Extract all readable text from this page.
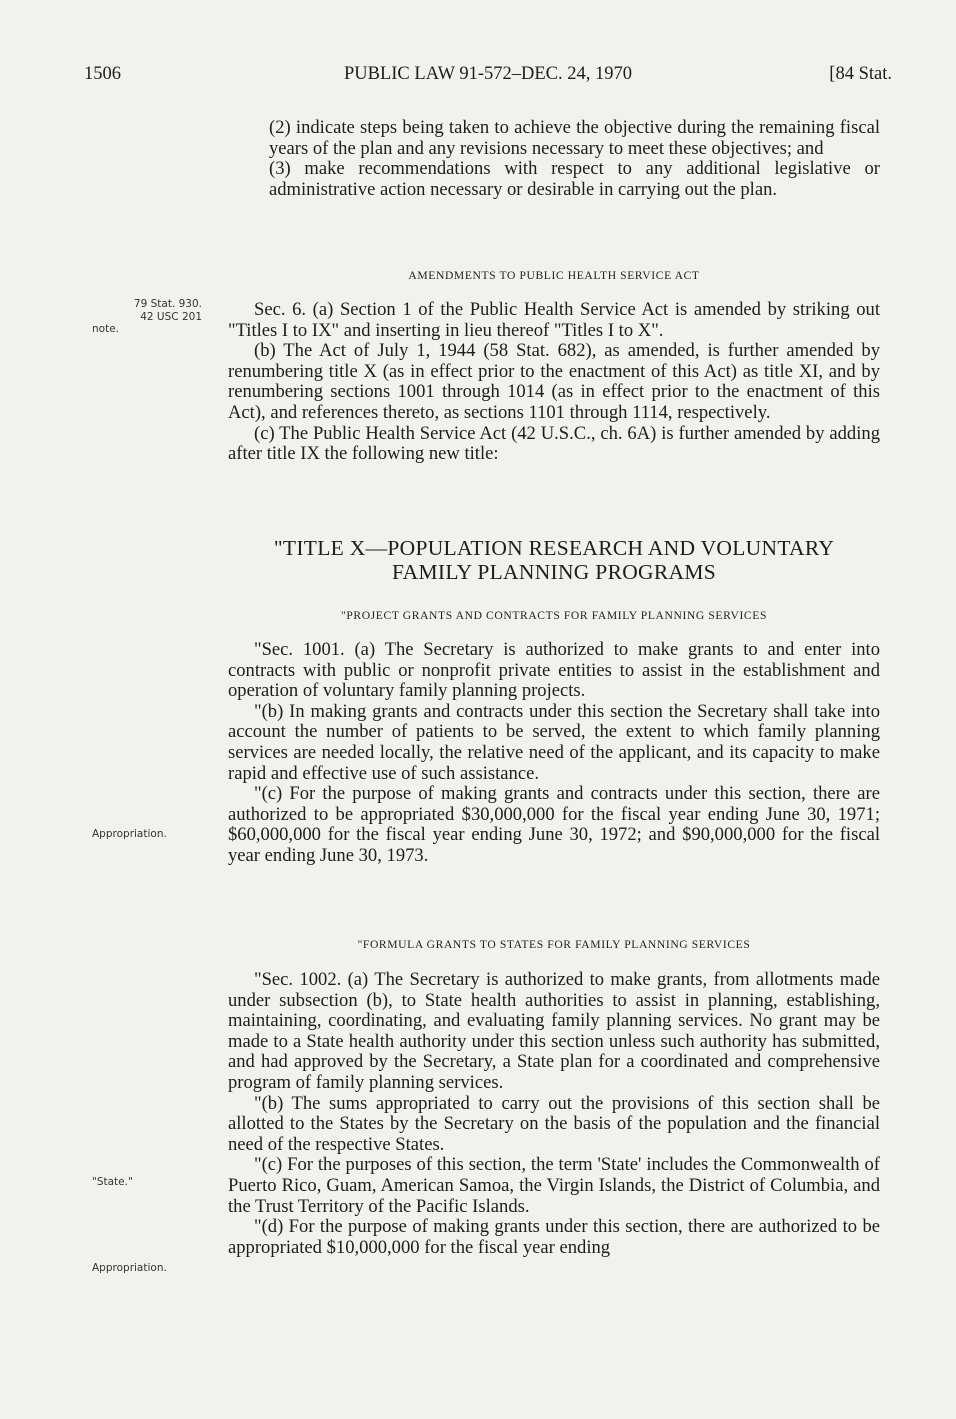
1506	PUBLIC LAW 91-572–DEC. 24, 1970	[84 Stat.
79 Stat. 930.
42 USC 201
note.
Appropriation.
"State."
Appropriation.

(2) indicate steps being taken to achieve the objective during the remaining fiscal years of the plan and any revisions necessary to meet these objectives; and

(3) make recommendations with respect to any additional legislative or administrative action necessary or desirable in carrying out the plan.

AMENDMENTS TO PUBLIC HEALTH SERVICE ACT

Sec. 6. (a) Section 1 of the Public Health Service Act is amended by striking out "Titles I to IX" and inserting in lieu thereof "Titles I to X".

(b) The Act of July 1, 1944 (58 Stat. 682), as amended, is further amended by renumbering title X (as in effect prior to the enactment of this Act) as title XI, and by renumbering sections 1001 through 1014 (as in effect prior to the enactment of this Act), and references thereto, as sections 1101 through 1114, respectively.

(c) The Public Health Service Act (42 U.S.C., ch. 6A) is further amended by adding after title IX the following new title:

"TITLE X—POPULATION RESEARCH AND VOLUNTARY

FAMILY PLANNING PROGRAMS

"PROJECT GRANTS AND CONTRACTS FOR FAMILY PLANNING SERVICES

"Sec. 1001. (a) The Secretary is authorized to make grants to and enter into contracts with public or nonprofit private entities to assist in the establishment and operation of voluntary family planning projects.

"(b) In making grants and contracts under this section the Secretary shall take into account the number of patients to be served, the extent to which family planning services are needed locally, the relative need of the applicant, and its capacity to make rapid and effective use of such assistance.

"(c) For the purpose of making grants and contracts under this section, there are authorized to be appropriated $30,000,000 for the fiscal year ending June 30, 1971; $60,000,000 for the fiscal year ending June 30, 1972; and $90,000,000 for the fiscal year ending June 30, 1973.

"FORMULA GRANTS TO STATES FOR FAMILY PLANNING SERVICES

"Sec. 1002. (a) The Secretary is authorized to make grants, from allotments made under subsection (b), to State health authorities to assist in planning, establishing, maintaining, coordinating, and evaluating family planning services. No grant may be made to a State health authority under this section unless such authority has submitted, and had approved by the Secretary, a State plan for a coordinated and comprehensive program of family planning services.

"(b) The sums appropriated to carry out the provisions of this section shall be allotted to the States by the Secretary on the basis of the population and the financial need of the respective States.

"(c) For the purposes of this section, the term 'State' includes the Commonwealth of Puerto Rico, Guam, American Samoa, the Virgin Islands, the District of Columbia, and the Trust Territory of the Pacific Islands.

"(d) For the purpose of making grants under this section, there are authorized to be appropriated $10,000,000 for the fiscal year ending
